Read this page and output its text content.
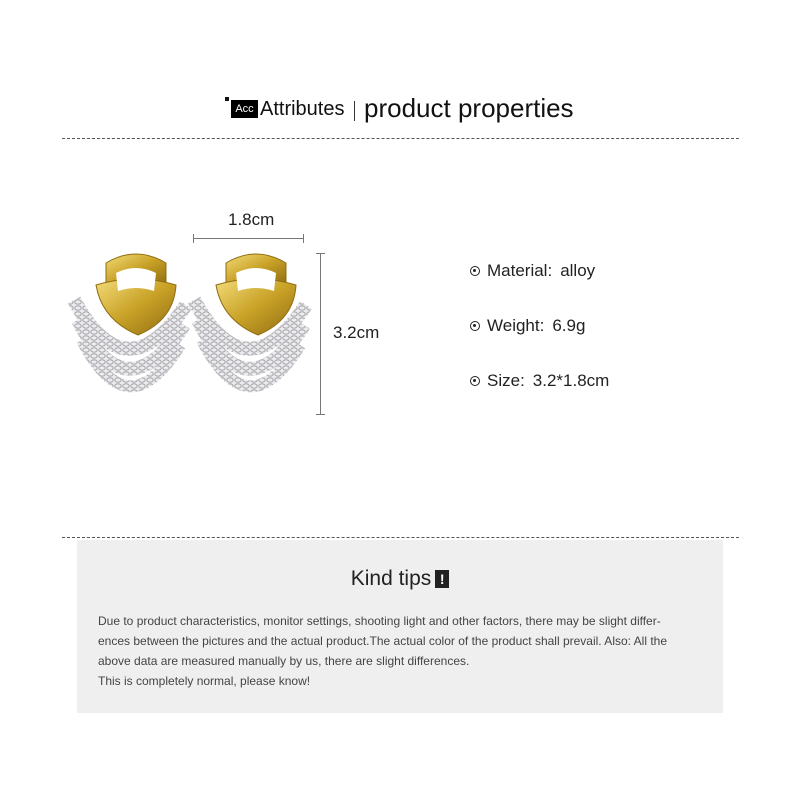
Acc Attributes product properties
1.8cm
3.2cm
Material: alloy
Weight: 6.9g
Size: 3.2*1.8cm
Kind tips !

Due to product characteristics, monitor settings, shooting light and other factors, there may be slight differ-

ences between the pictures and the actual product.The actual color of the product shall prevail. Also: All the

above data are measured manually by us, there are slight differences.

This is completely normal, please know!
